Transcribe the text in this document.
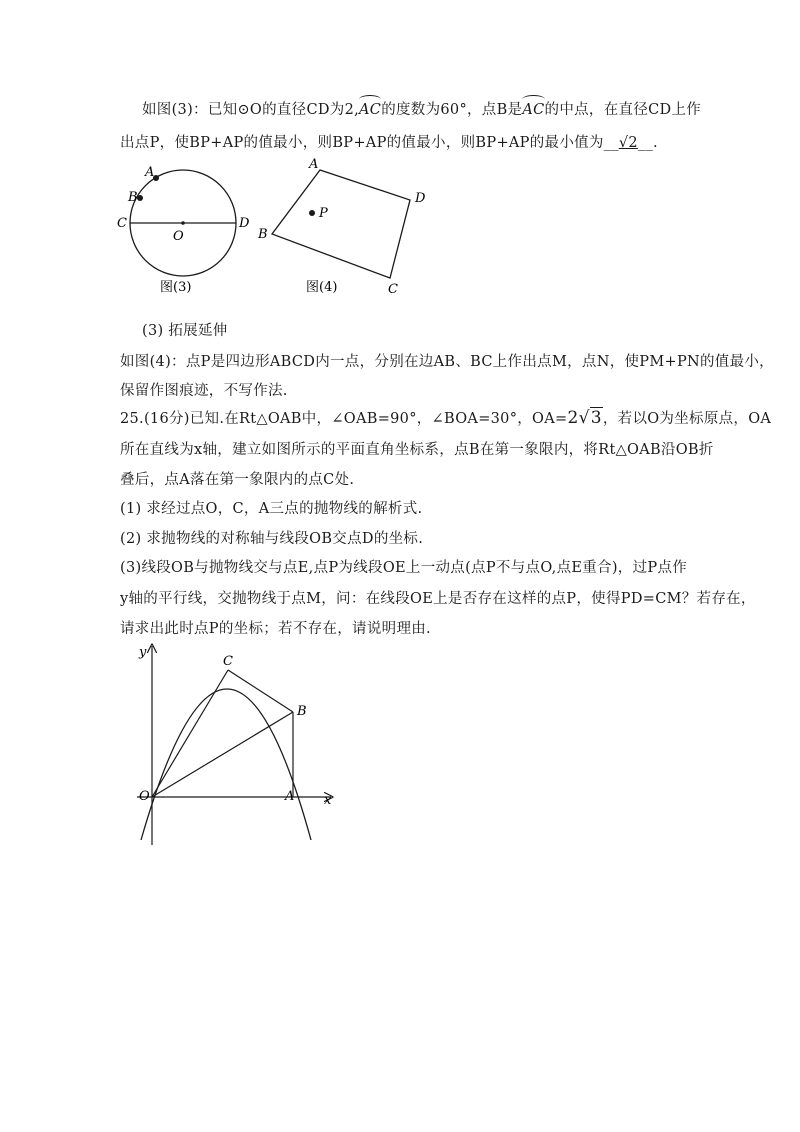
如图(3)：已知⊙O的直径CD为2,AC的度数为60°，点B是AC的中点，在直径CD上作
出点P，使BP+AP的值最小，则BP+AP的值最小，则BP+AP的最小值为__√2__.
A
B
C	D
O
图(3)
A
D
B
C
P
图(4)
(3) 拓展延伸
如图(4)：点P是四边形ABCD内一点，分别在边AB、BC上作出点M，点N，使PM+PN的值最小，
保留作图痕迹，不写作法.
25.(16分)已知.在Rt△OAB中，∠OAB=90°，∠BOA=30°，OA=2√3，若以O为坐标原点，OA
所在直线为x轴，建立如图所示的平面直角坐标系，点B在第一象限内，将Rt△OAB沿OB折
叠后，点A落在第一象限内的点C处.
(1) 求经过点O，C，A三点的抛物线的解析式.
(2) 求抛物线的对称轴与线段OB交点D的坐标.
(3)线段OB与抛物线交与点E,点P为线段OE上一动点(点P不与点O,点E重合)，过P点作
y轴的平行线，交抛物线于点M，问：在线段OE上是否存在这样的点P，使得PD=CM？若存在，
请求出此时点P的坐标；若不存在，请说明理由.
y
x
O	A
B
C
